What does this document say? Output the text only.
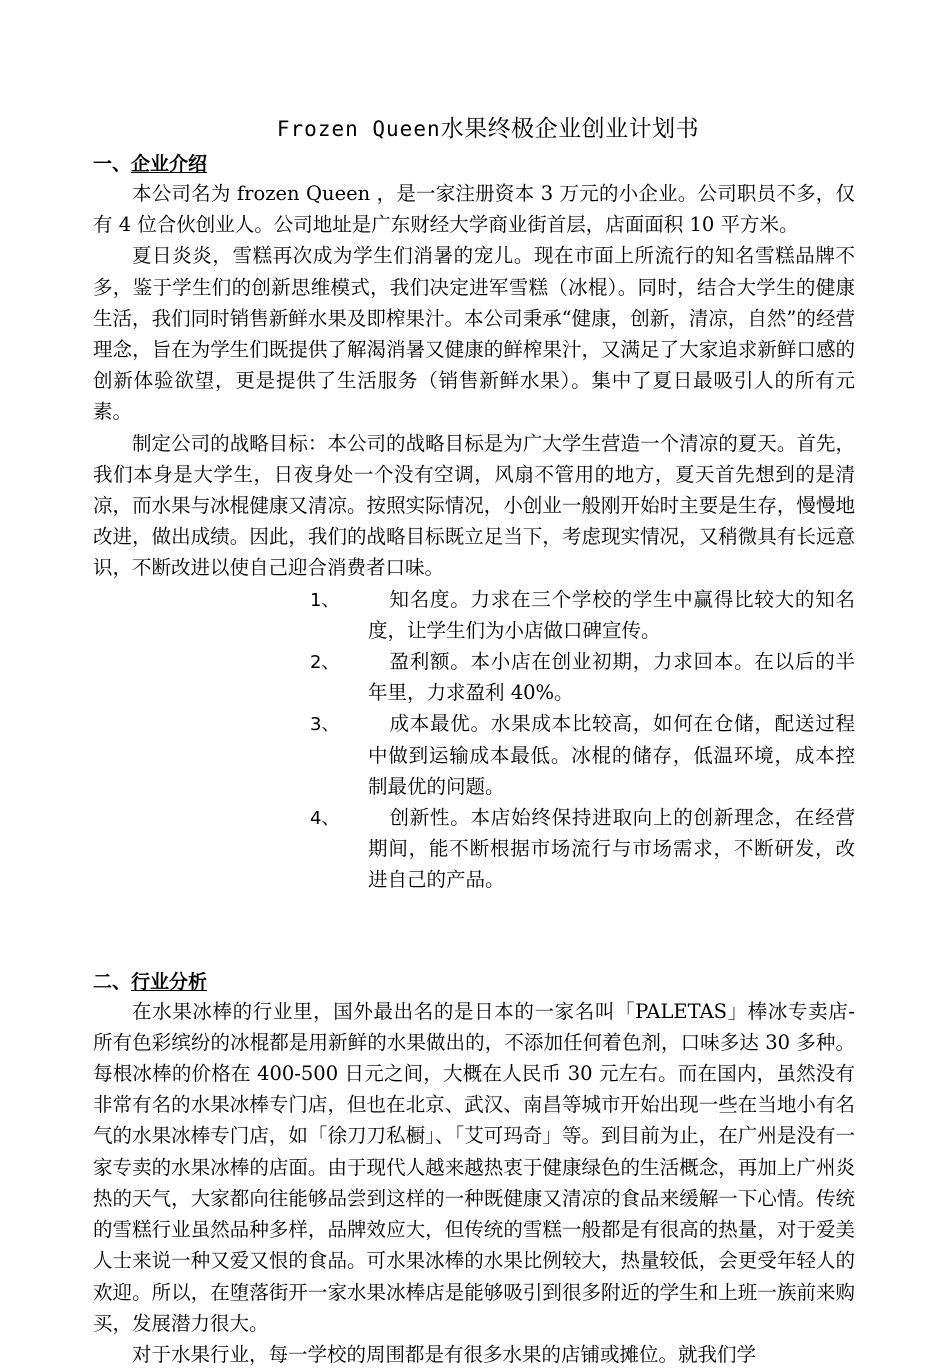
Frozen Queen水果终极企业创业计划书
一、企业介绍

本公司名为 frozen Queen ，是一家注册资本 3 万元的小企业。公司职员不多，仅有 4 位合伙创业人。公司地址是广东财经大学商业街首层，店面面积 10 平方米。

夏日炎炎，雪糕再次成为学生们消暑的宠儿。现在市面上所流行的知名雪糕品牌不多，鉴于学生们的创新思维模式，我们决定进军雪糕（冰棍）。同时，结合大学生的健康生活，我们同时销售新鲜水果及即榨果汁。本公司秉承“健康，创新，清凉，自然”的经营理念，旨在为学生们既提供了解渴消暑又健康的鲜榨果汁，又满足了大家追求新鲜口感的创新体验欲望，更是提供了生活服务（销售新鲜水果）。集中了夏日最吸引人的所有元素。

制定公司的战略目标：本公司的战略目标是为广大学生营造一个清凉的夏天。首先，我们本身是大学生，日夜身处一个没有空调，风扇不管用的地方，夏天首先想到的是清凉，而水果与冰棍健康又清凉。按照实际情况，小创业一般刚开始时主要是生存，慢慢地改进，做出成绩。因此，我们的战略目标既立足当下，考虑现实情况，又稍微具有长远意识，不断改进以使自己迎合消费者口味。

1、	知名度。力求在三个学校的学生中赢得比较大的知名度，让学生们为小店做口碑宣传。
2、	盈利额。本小店在创业初期，力求回本。在以后的半年里，力求盈利 40%。
3、	成本最优。水果成本比较高，如何在仓储，配送过程中做到运输成本最低。冰棍的储存，低温环境，成本控制最优的问题。
4、	创新性。本店始终保持进取向上的创新理念，在经营期间，能不断根据市场流行与市场需求，不断研发，改进自己的产品。
二、行业分析

在水果冰棒的行业里，国外最出名的是日本的一家名叫「PALETAS」棒冰专卖店- 所有色彩缤纷的冰棍都是用新鲜的水果做出的，不添加任何着色剂，口味多达 30 多种。每根冰棒的价格在 400-500 日元之间，大概在人民币 30 元左右。而在国内，虽然没有非常有名的水果冰棒专门店，但也在北京、武汉、南昌等城市开始出现一些在当地小有名气的水果冰棒专门店，如「徐刀刀私橱」、「艾可玛奇」等。到目前为止，在广州是没有一家专卖的水果冰棒的店面。由于现代人越来越热衷于健康绿色的生活概念，再加上广州炎热的天气，大家都向往能够品尝到这样的一种既健康又清凉的食品来缓解一下心情。传统的雪糕行业虽然品种多样，品牌效应大，但传统的雪糕一般都是有很高的热量，对于爱美人士来说一种又爱又恨的食品。可水果冰棒的水果比例较大，热量较低，会更受年轻人的欢迎。所以，在堕落街开一家水果冰棒店是能够吸引到很多附近的学生和上班一族前来购买，发展潜力很大。

对于水果行业，每一学校的周围都是有很多水果的店铺或摊位。就我们学
